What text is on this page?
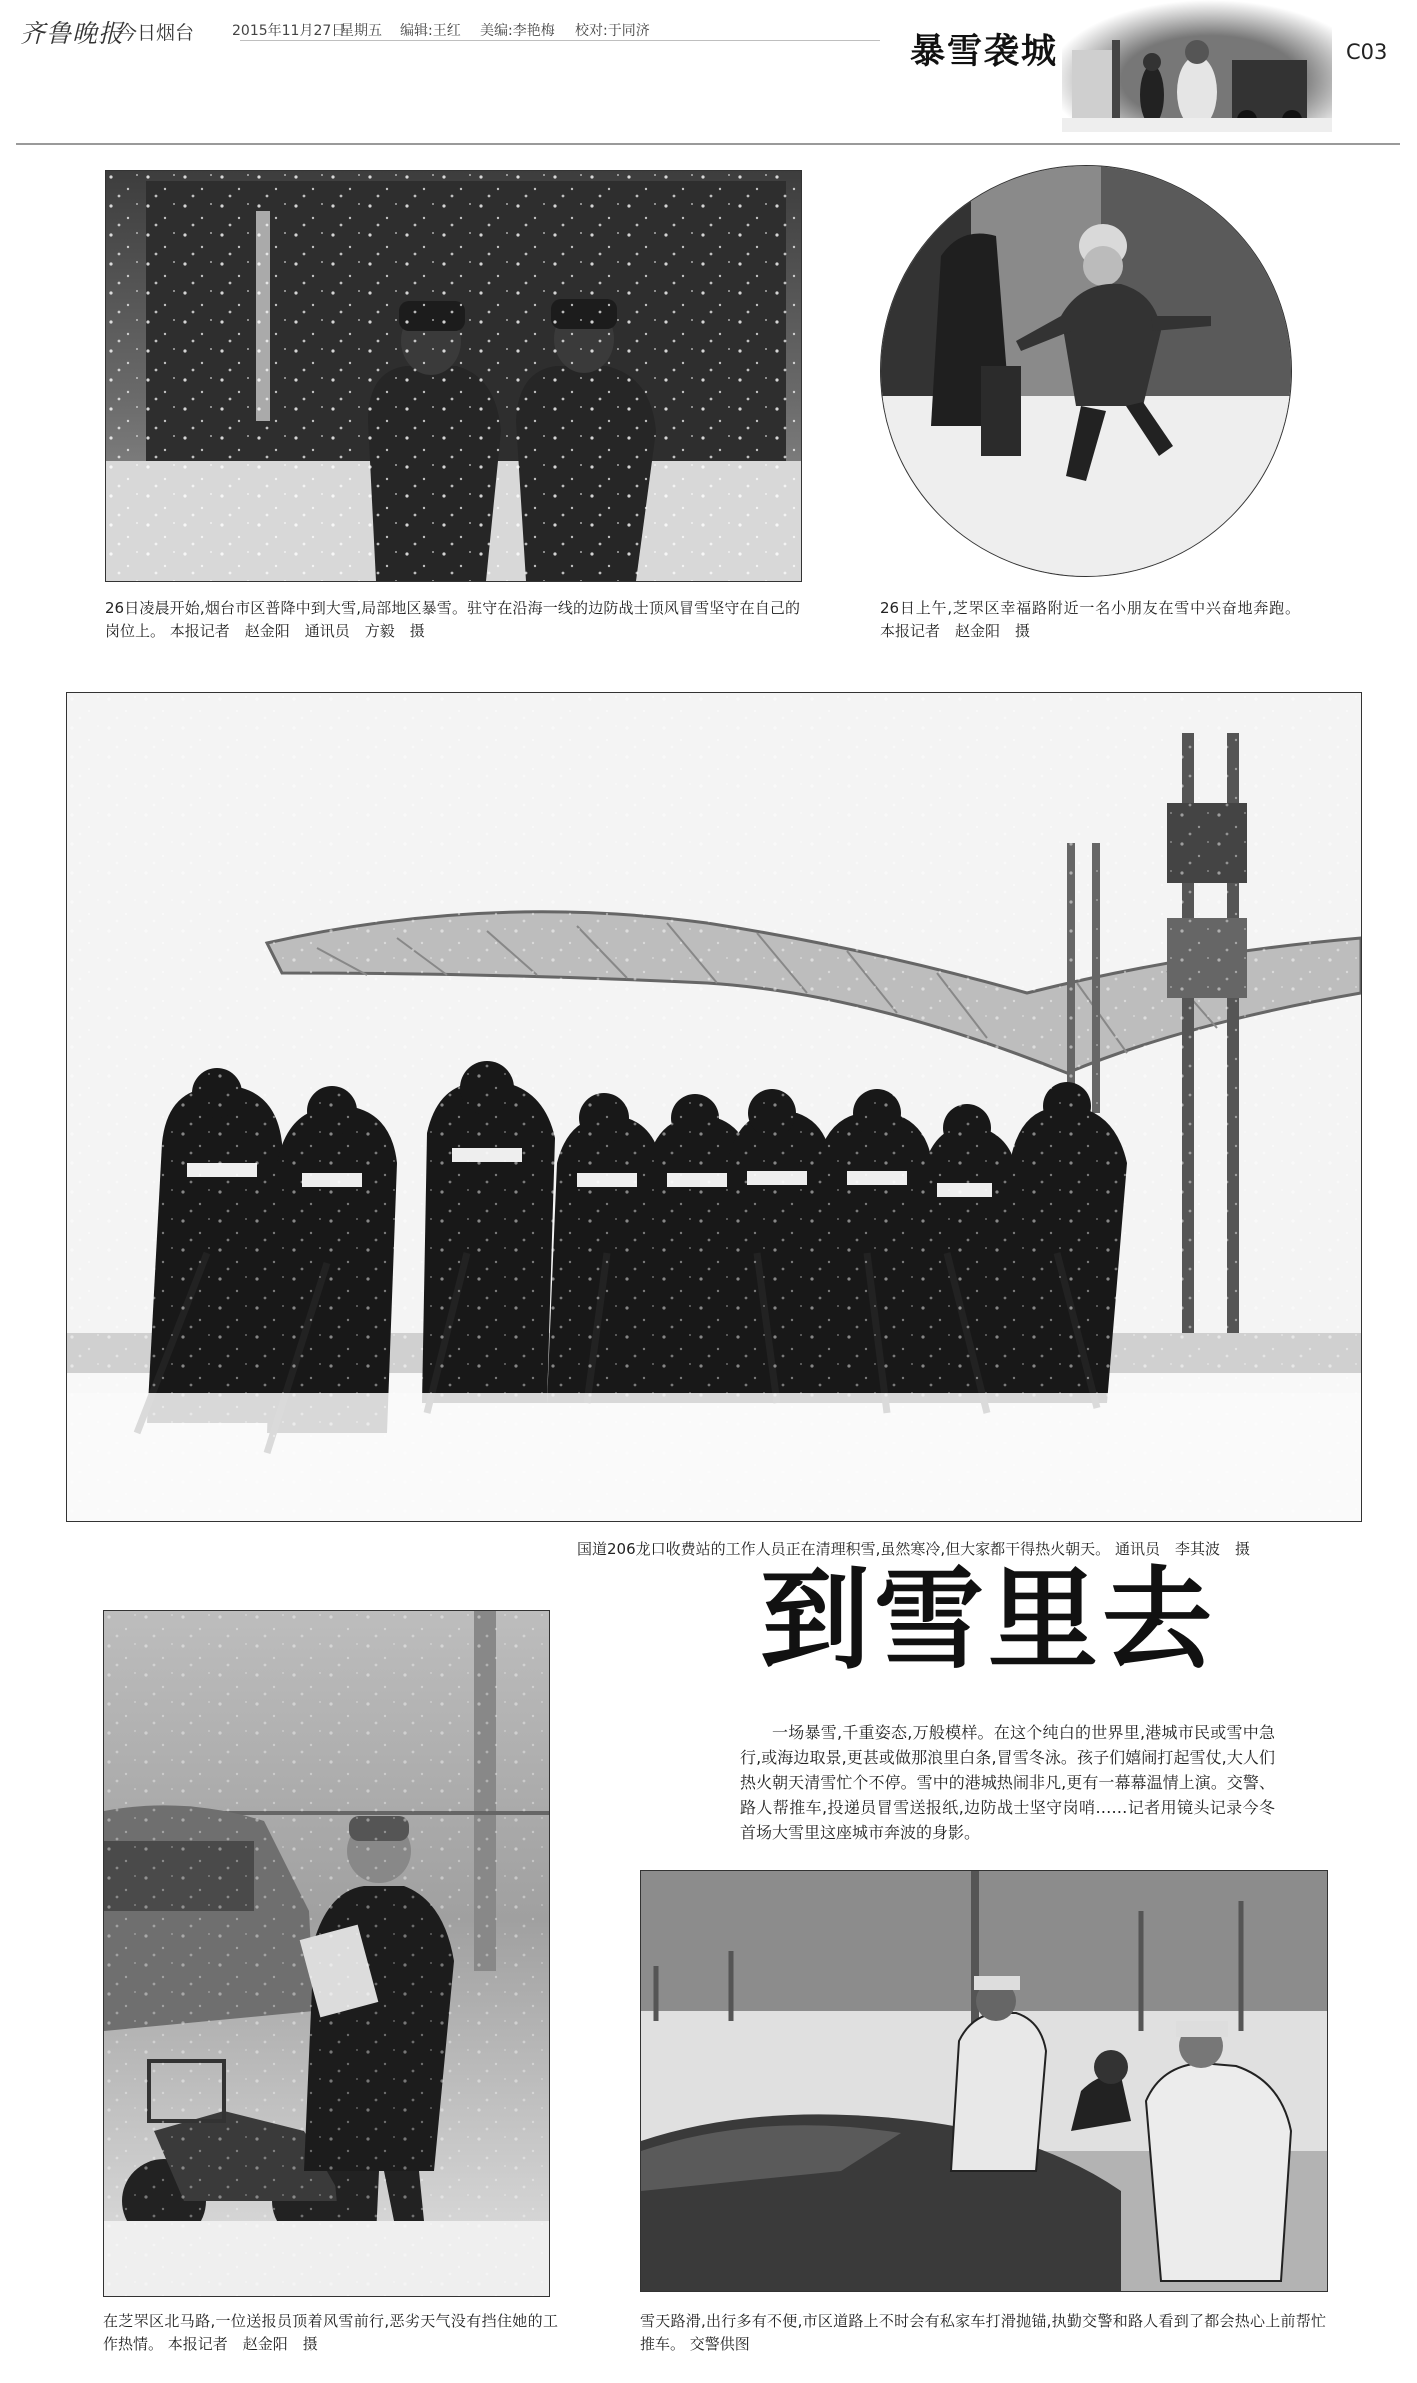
齐鲁晚报
今日烟台	2015年11月27日
星期五 编辑:王红 美编:李艳梅 校对:于同济
暴雪袭城	C03
26日凌晨开始,烟台市区普降中到大雪,局部地区暴雪。驻守在沿海一线的边防战士顶风冒雪坚守在自己的岗位上。 本报记者　赵金阳　通讯员　方毅　摄
26日上午,芝罘区幸福路附近一名小朋友在雪中兴奋地奔跑。 本报记者　赵金阳　摄
国道206龙口收费站的工作人员正在清理积雪,虽然寒冷,但大家都干得热火朝天。 通讯员　李其波　摄
到雪里去
一场暴雪,千重姿态,万般模样。在这个纯白的世界里,港城市民或雪中急行,或海边取景,更甚或做那浪里白条,冒雪冬泳。孩子们嬉闹打起雪仗,大人们热火朝天清雪忙个不停。雪中的港城热闹非凡,更有一幕幕温情上演。交警、路人帮推车,投递员冒雪送报纸,边防战士坚守岗哨……记者用镜头记录今冬首场大雪里这座城市奔波的身影。
在芝罘区北马路,一位送报员顶着风雪前行,恶劣天气没有挡住她的工作热情。 本报记者　赵金阳　摄
雪天路滑,出行多有不便,市区道路上不时会有私家车打滑抛锚,执勤交警和路人看到了都会热心上前帮忙推车。 交警供图
